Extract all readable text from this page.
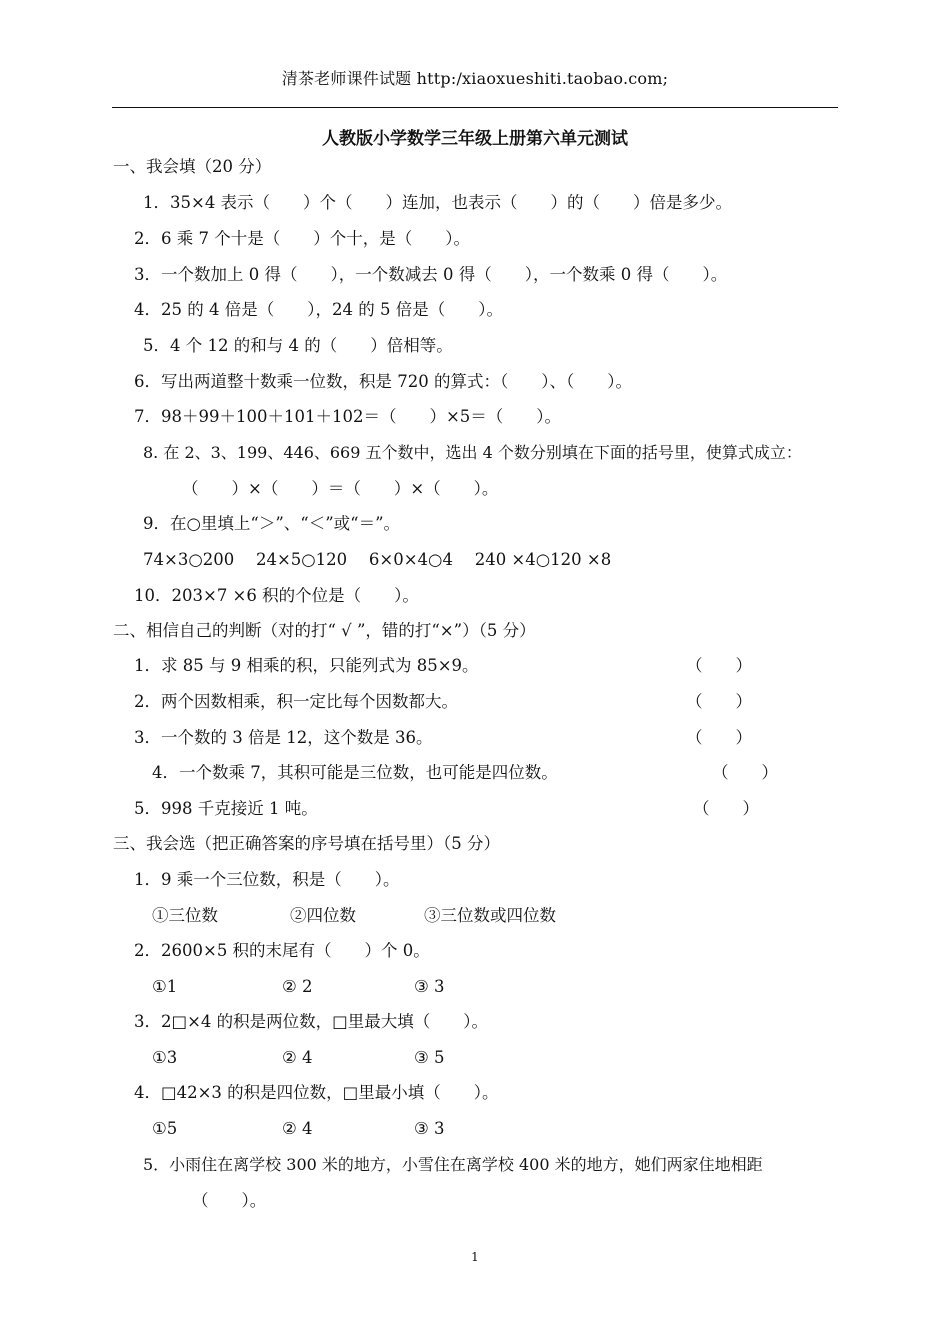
清茶老师课件试题 http:/xiaoxueshiti.taobao.com;
人教版小学数学三年级上册第六单元测试
一、我会填（20 分）
1．35×4 表示（　　）个（　　）连加，也表示（　　）的（　　）倍是多少。
2．6 乘 7 个十是（　　）个十，是（　　）。
3．一个数加上 0 得（　　），一个数减去 0 得（　　），一个数乘 0 得（　　）。
4．25 的 4 倍是（　　），24 的 5 倍是（　　）。
5．4 个 12 的和与 4 的（　　）倍相等。
6．写出两道整十数乘一位数，积是 720 的算式：（　　）、（　　）。
7．98＋99＋100＋101＋102＝（　　）×5＝（　　）。
8. 在 2、3、199、446、669 五个数中，选出 4 个数分别填在下面的括号里，使算式成立：
（　　）×（　　）＝（　　）×（　　）。
9．在○里填上“＞”、“＜”或“＝”。
74×3○200　 24×5○120　 6×0×4○4　 240 ×4○120 ×8
10．203×7 ×6 积的个位是（　　）。
二、相信自己的判断（对的打“ √ ”，错的打“×”）（5 分）
1．求 85 与 9 相乘的积，只能列式为 85×9。	（　　）
2．两个因数相乘，积一定比每个因数都大。	（　　）
3．一个数的 3 倍是 12，这个数是 36。	（　　）
4．一个数乘 7，其积可能是三位数，也可能是四位数。	（　　）
5．998 千克接近 1 吨。	（　　）
三、我会选（把正确答案的序号填在括号里）（5 分）
1．9 乘一个三位数，积是（　　）。
①三位数	②四位数	③三位数或四位数
2．2600×5 积的末尾有（　　）个 0。
①1	② 2	③ 3
3．2□×4 的积是两位数，□里最大填（　　）。
①3	② 4	③ 5
4．□42×3 的积是四位数，□里最小填（　　）。
①5	② 4	③ 3
5．小雨住在离学校 300 米的地方，小雪住在离学校 400 米的地方，她们两家住地相距
（　　）。
1
